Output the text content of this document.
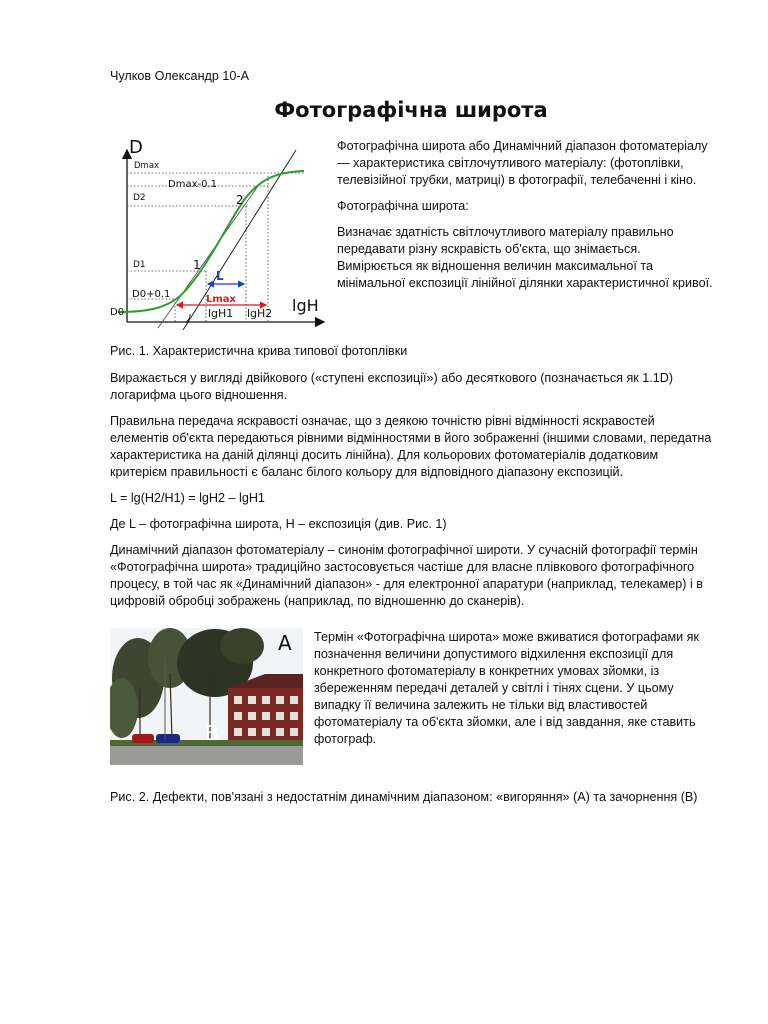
Чулков Олександр 10-А
Фотографічна широта
D
Dmax
Dmax-0.1
D2	2
D1	1
L
D0+0.1	Lmax
D0	lgH
lgH1 lgH2

Фотографічна широта або Динамічний діапазон фотоматеріалу — характеристика світлочутливого матеріалу: (фотоплівки, телевізійної трубки, матриці) в фотографії, телебаченні і кіно.

Фотографічна широта:

Визначає здатність світлочутливого матеріалу правильно передавати різну яскравість об'єкта, що знімається. Вимірюється як відношення величин максимальної та мінімальної експозиції лінійної ділянки характеристичної кривої.

Рис. 1. Характеристична крива типової фотоплівки

Виражається у вигляді двійкового («ступені експозиції») або десяткового (позначається як 1.1D) логарифма цього відношення.

Правильна передача яскравості означає, що з деякою точністю рівні відмінності яскравостей елементів об'єкта передаються рівними відмінностями в його зображенні (іншими словами, передатна характеристика на даній ділянці досить лінійна). Для кольорових фотоматеріалів додатковим критерієм правильності є баланс білого кольору для відповідного діапазону експозицій.

L = lg(H2/H1) = lgH2 – lgH1

Де L – фотографічна широта, H – експозиція (див. Рис. 1)

Динамічний діапазон фотоматеріалу – синонім фотографічної широти. У сучасній фотографії термін «Фотографічна широта» традиційно застосовується частіше для власне плівкового фотографічного процесу, в той час як «Динамічний діапазон» - для електронної апаратури (наприклад, телекамер) і в цифровій обробці зображень (наприклад, по відношенню до сканерів).

A
B
Термін «Фотографічна широта» може вживатися фотографами як позначення величини допустимого відхилення експозиції для конкретного фотоматеріалу в конкретних умовах зйомки, із збереженням передачі деталей у світлі і тінях сцени. У цьому випадку її величина залежить не тільки від властивостей фотоматеріалу та об'єкта зйомки, але і від завдання, яке ставить фотограф.
Рис. 2. Дефекти, пов'язані з недостатнім динамічним діапазоном: «вигоряння» (A) та зачорнення (B)
